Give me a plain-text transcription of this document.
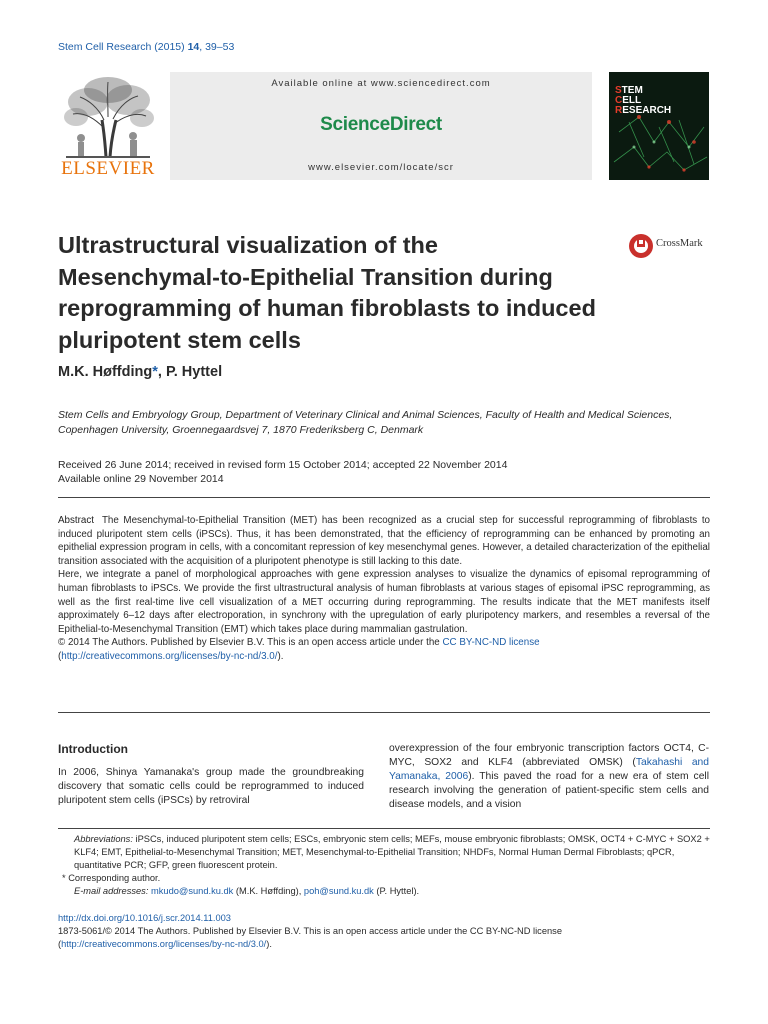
Stem Cell Research (2015) 14, 39–53
ELSEVIER
Available online at www.sciencedirect.com
ScienceDirect
www.elsevier.com/locate/scr
STEM
CELL
RESEARCH
Ultrastructural visualization of the Mesenchymal-to-Epithelial Transition during reprogramming of human fibroblasts to induced pluripotent stem cells
CrossMark
M.K. Høffding*, P. Hyttel
Stem Cells and Embryology Group, Department of Veterinary Clinical and Animal Sciences, Faculty of Health and Medical Sciences, Copenhagen University, Groennegaardsvej 7, 1870 Frederiksberg C, Denmark
Received 26 June 2014; received in revised form 15 October 2014; accepted 22 November 2014
Available online 29 November 2014

Abstract The Mesenchymal-to-Epithelial Transition (MET) has been recognized as a crucial step for successful reprogramming of fibroblasts to induced pluripotent stem cells (iPSCs). Thus, it has been demonstrated, that the efficiency of reprogramming can be enhanced by promoting an epithelial expression program in cells, with a concomitant repression of key mesenchymal genes. However, a detailed characterization of the epithelial transition associated with the acquisition of a pluripotent phenotype is still lacking to this date.

Here, we integrate a panel of morphological approaches with gene expression analyses to visualize the dynamics of episomal reprogramming of human fibroblasts to iPSCs. We provide the first ultrastructural analysis of human fibroblasts at various stages of episomal iPSC reprogramming, as well as the first real-time live cell visualization of a MET occurring during reprogramming. The results indicate that the MET manifests itself approximately 6–12 days after electroporation, in synchrony with the upregulation of early pluripotency markers, and resembles a reversal of the Epithelial-to-Mesenchymal Transition (EMT) which takes place during mammalian gastrulation.

© 2014 The Authors. Published by Elsevier B.V. This is an open access article under the CC BY-NC-ND license

(http://creativecommons.org/licenses/by-nc-nd/3.0/).

Introduction

In 2006, Shinya Yamanaka's group made the groundbreaking discovery that somatic cells could be reprogrammed to induced pluripotent stem cells (iPSCs) by retroviral

overexpression of the four embryonic transcription factors OCT4, C-MYC, SOX2 and KLF4 (abbreviated OMSK) (Takahashi and Yamanaka, 2006). This paved the road for a new era of stem cell research involving the generation of patient-specific stem cells and disease models, and a vision

Abbreviations: iPSCs, induced pluripotent stem cells; ESCs, embryonic stem cells; MEFs, mouse embryonic fibroblasts; OMSK, OCT4 + C-MYC + SOX2 + KLF4; EMT, Epithelial-to-Mesenchymal Transition; MET, Mesenchymal-to-Epithelial Transition; NHDFs, Normal Human Dermal Fibroblasts; qPCR, quantitative PCR; GFP, green fluorescent protein.

* Corresponding author.

E-mail addresses: mkudo@sund.ku.dk (M.K. Høffding), poh@sund.ku.dk (P. Hyttel).

http://dx.doi.org/10.1016/j.scr.2014.11.003

1873-5061/© 2014 The Authors. Published by Elsevier B.V. This is an open access article under the CC BY-NC-ND license

(http://creativecommons.org/licenses/by-nc-nd/3.0/).
